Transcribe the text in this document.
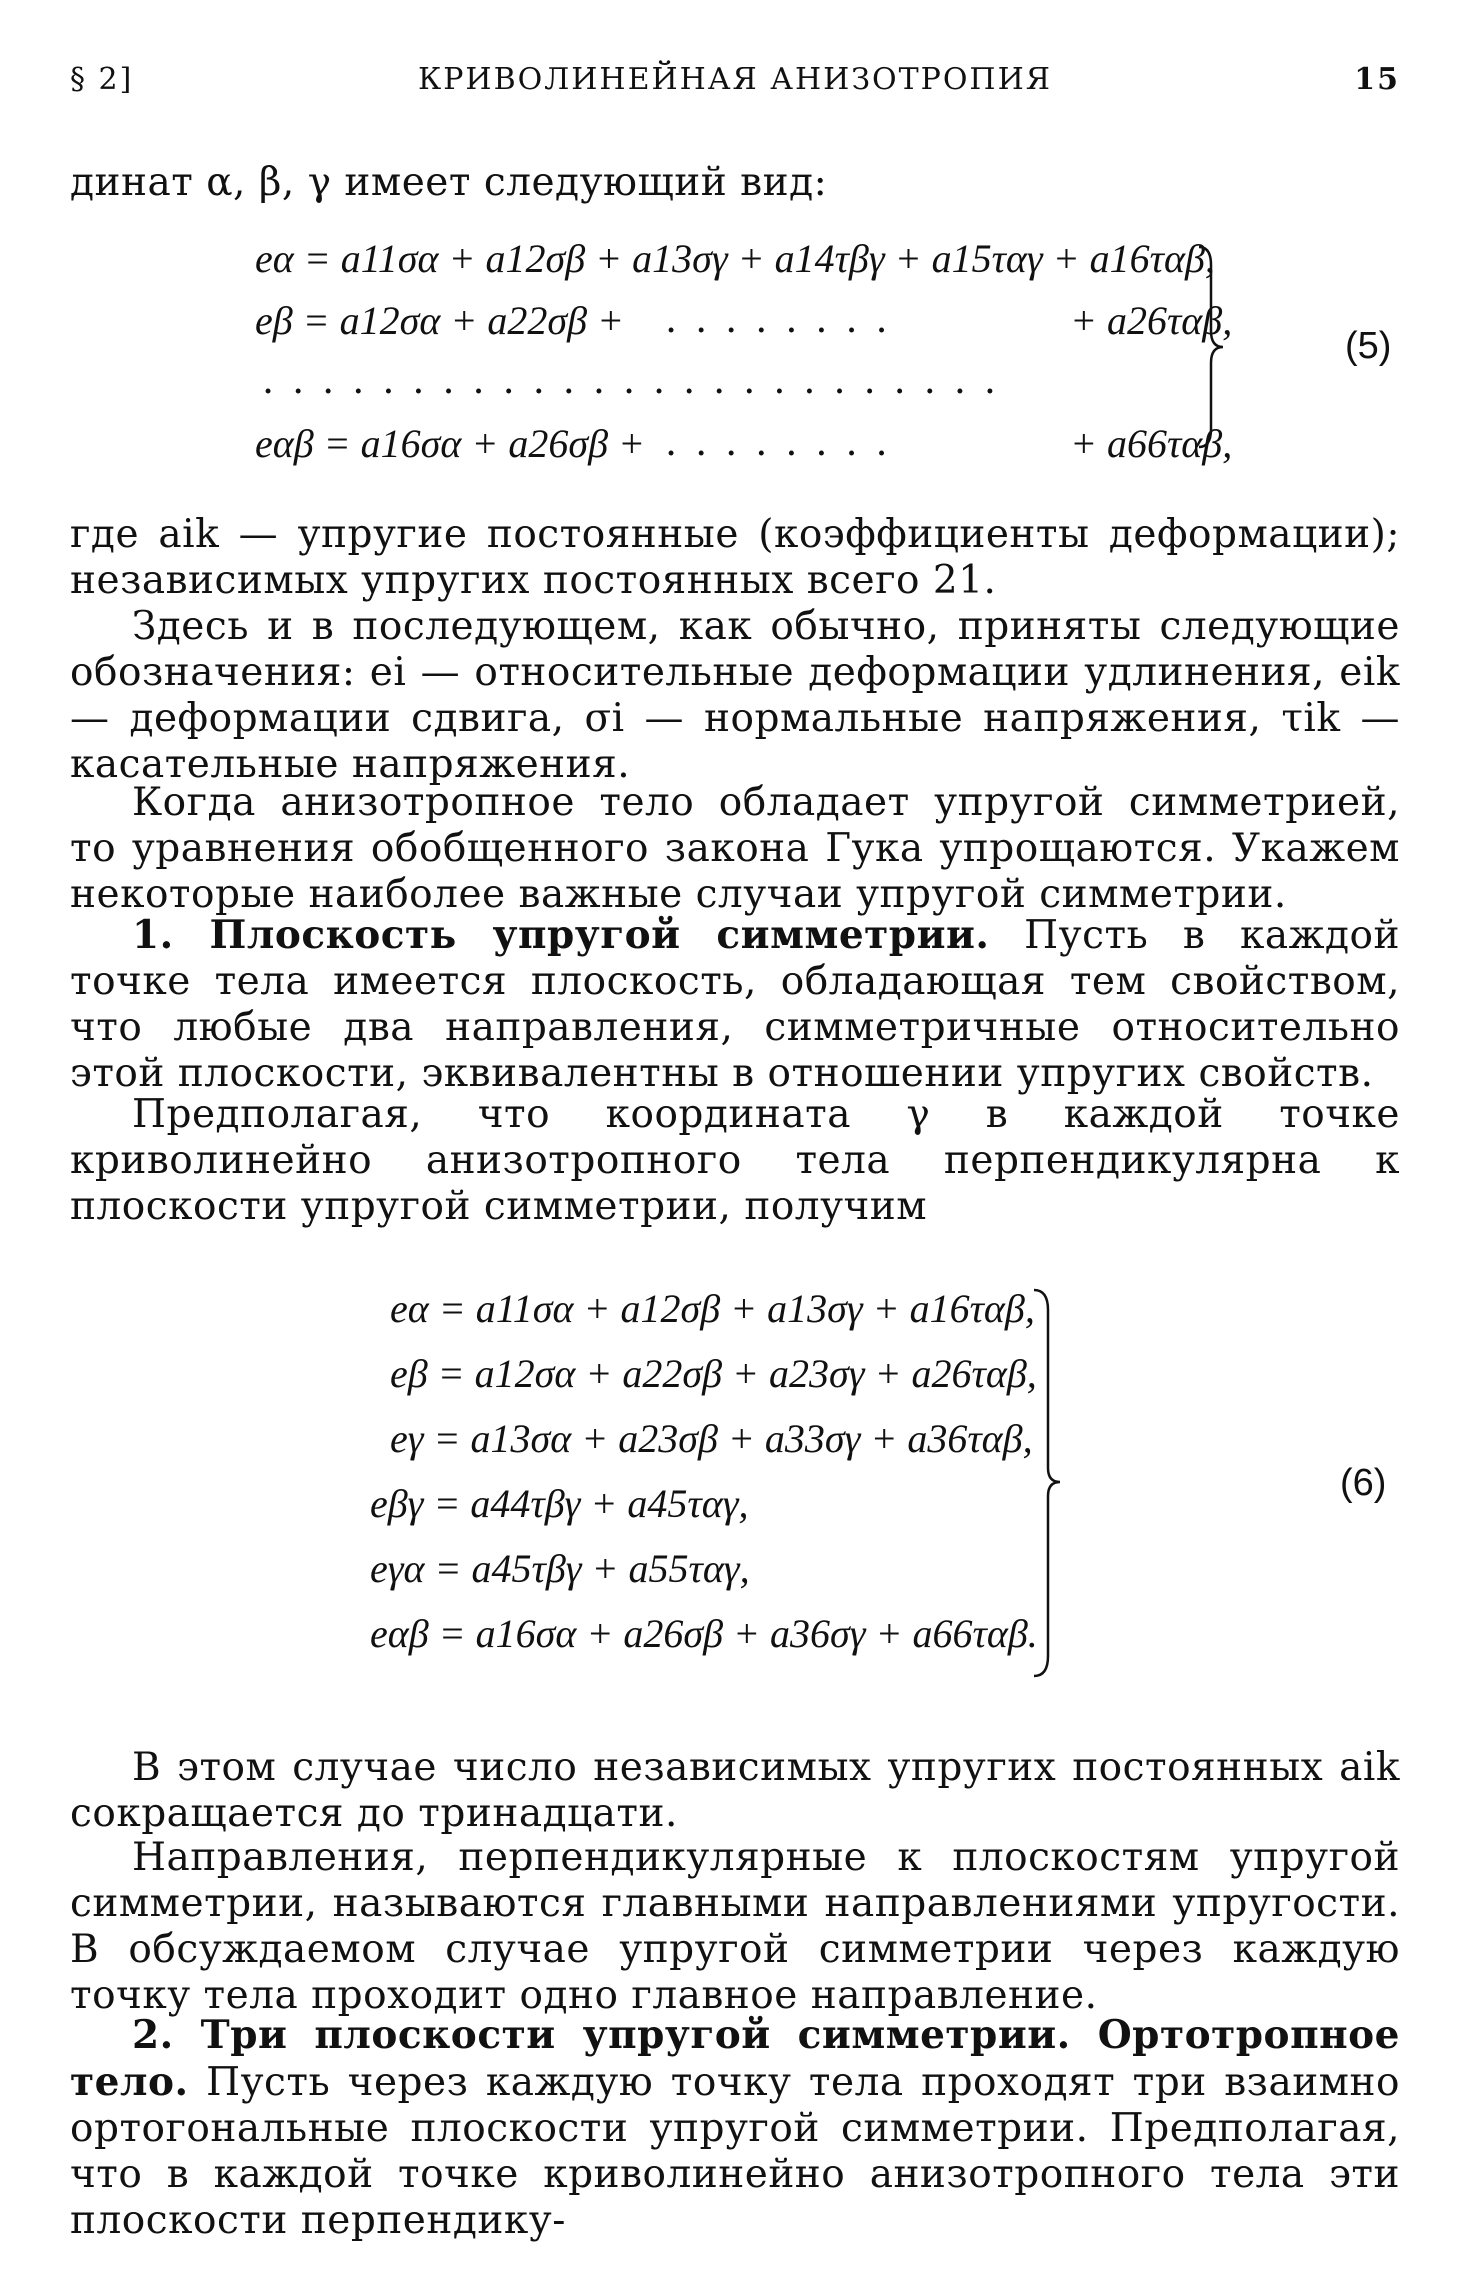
§ 2]	КРИВОЛИНЕЙНАЯ АНИЗОТРОПИЯ	15
динат α, β, γ имеет следующий вид:
eα = a11σα + a12σβ + a13σγ + a14τβγ + a15ταγ + a16ταβ,
eβ = a12σα + a22σβ + ........	+ a26ταβ,
.........................
eαβ = a16σα + a26σβ + ........	+ a66ταβ,
(5)
где aik — упругие постоянные (коэффициенты деформации); независимых упругих постоянных всего 21.
Здесь и в последующем, как обычно, приняты следующие обозначения: ei — относительные деформации удлинения, eik — деформации сдвига, σi — нормальные напряжения, τik — касательные напряжения.
Когда анизотропное тело обладает упругой симметрией, то уравнения обобщенного закона Гука упрощаются. Укажем некоторые наиболее важные случаи упругой симметрии.
1. Плоскость упругой симметрии. Пусть в каждой точке тела имеется плоскость, обладающая тем свойством, что любые два направления, симметричные относительно этой плоскости, эквивалентны в отношении упругих свойств.
Предполагая, что координата γ в каждой точке криволинейно анизотропного тела перпендикулярна к плоскости упругой симметрии, получим
eα = a11σα + a12σβ + a13σγ + a16ταβ,
eβ = a12σα + a22σβ + a23σγ + a26ταβ,
eγ = a13σα + a23σβ + a33σγ + a36ταβ,
eβγ = a44τβγ + a45ταγ,
eγα = a45τβγ + a55ταγ,
eαβ = a16σα + a26σβ + a36σγ + a66ταβ.
(6)
В этом случае число независимых упругих постоянных aik сокращается до тринадцати.
Направления, перпендикулярные к плоскостям упругой симметрии, называются главными направлениями упругости. В обсуждаемом случае упругой симметрии через каждую точку тела проходит одно главное направление.
2. Три плоскости упругой симметрии. Ортотропное тело. Пусть через каждую точку тела проходят три взаимно ортогональные плоскости упругой симметрии. Предполагая, что в каждой точке криволинейно анизотропного тела эти плоскости перпендику-
